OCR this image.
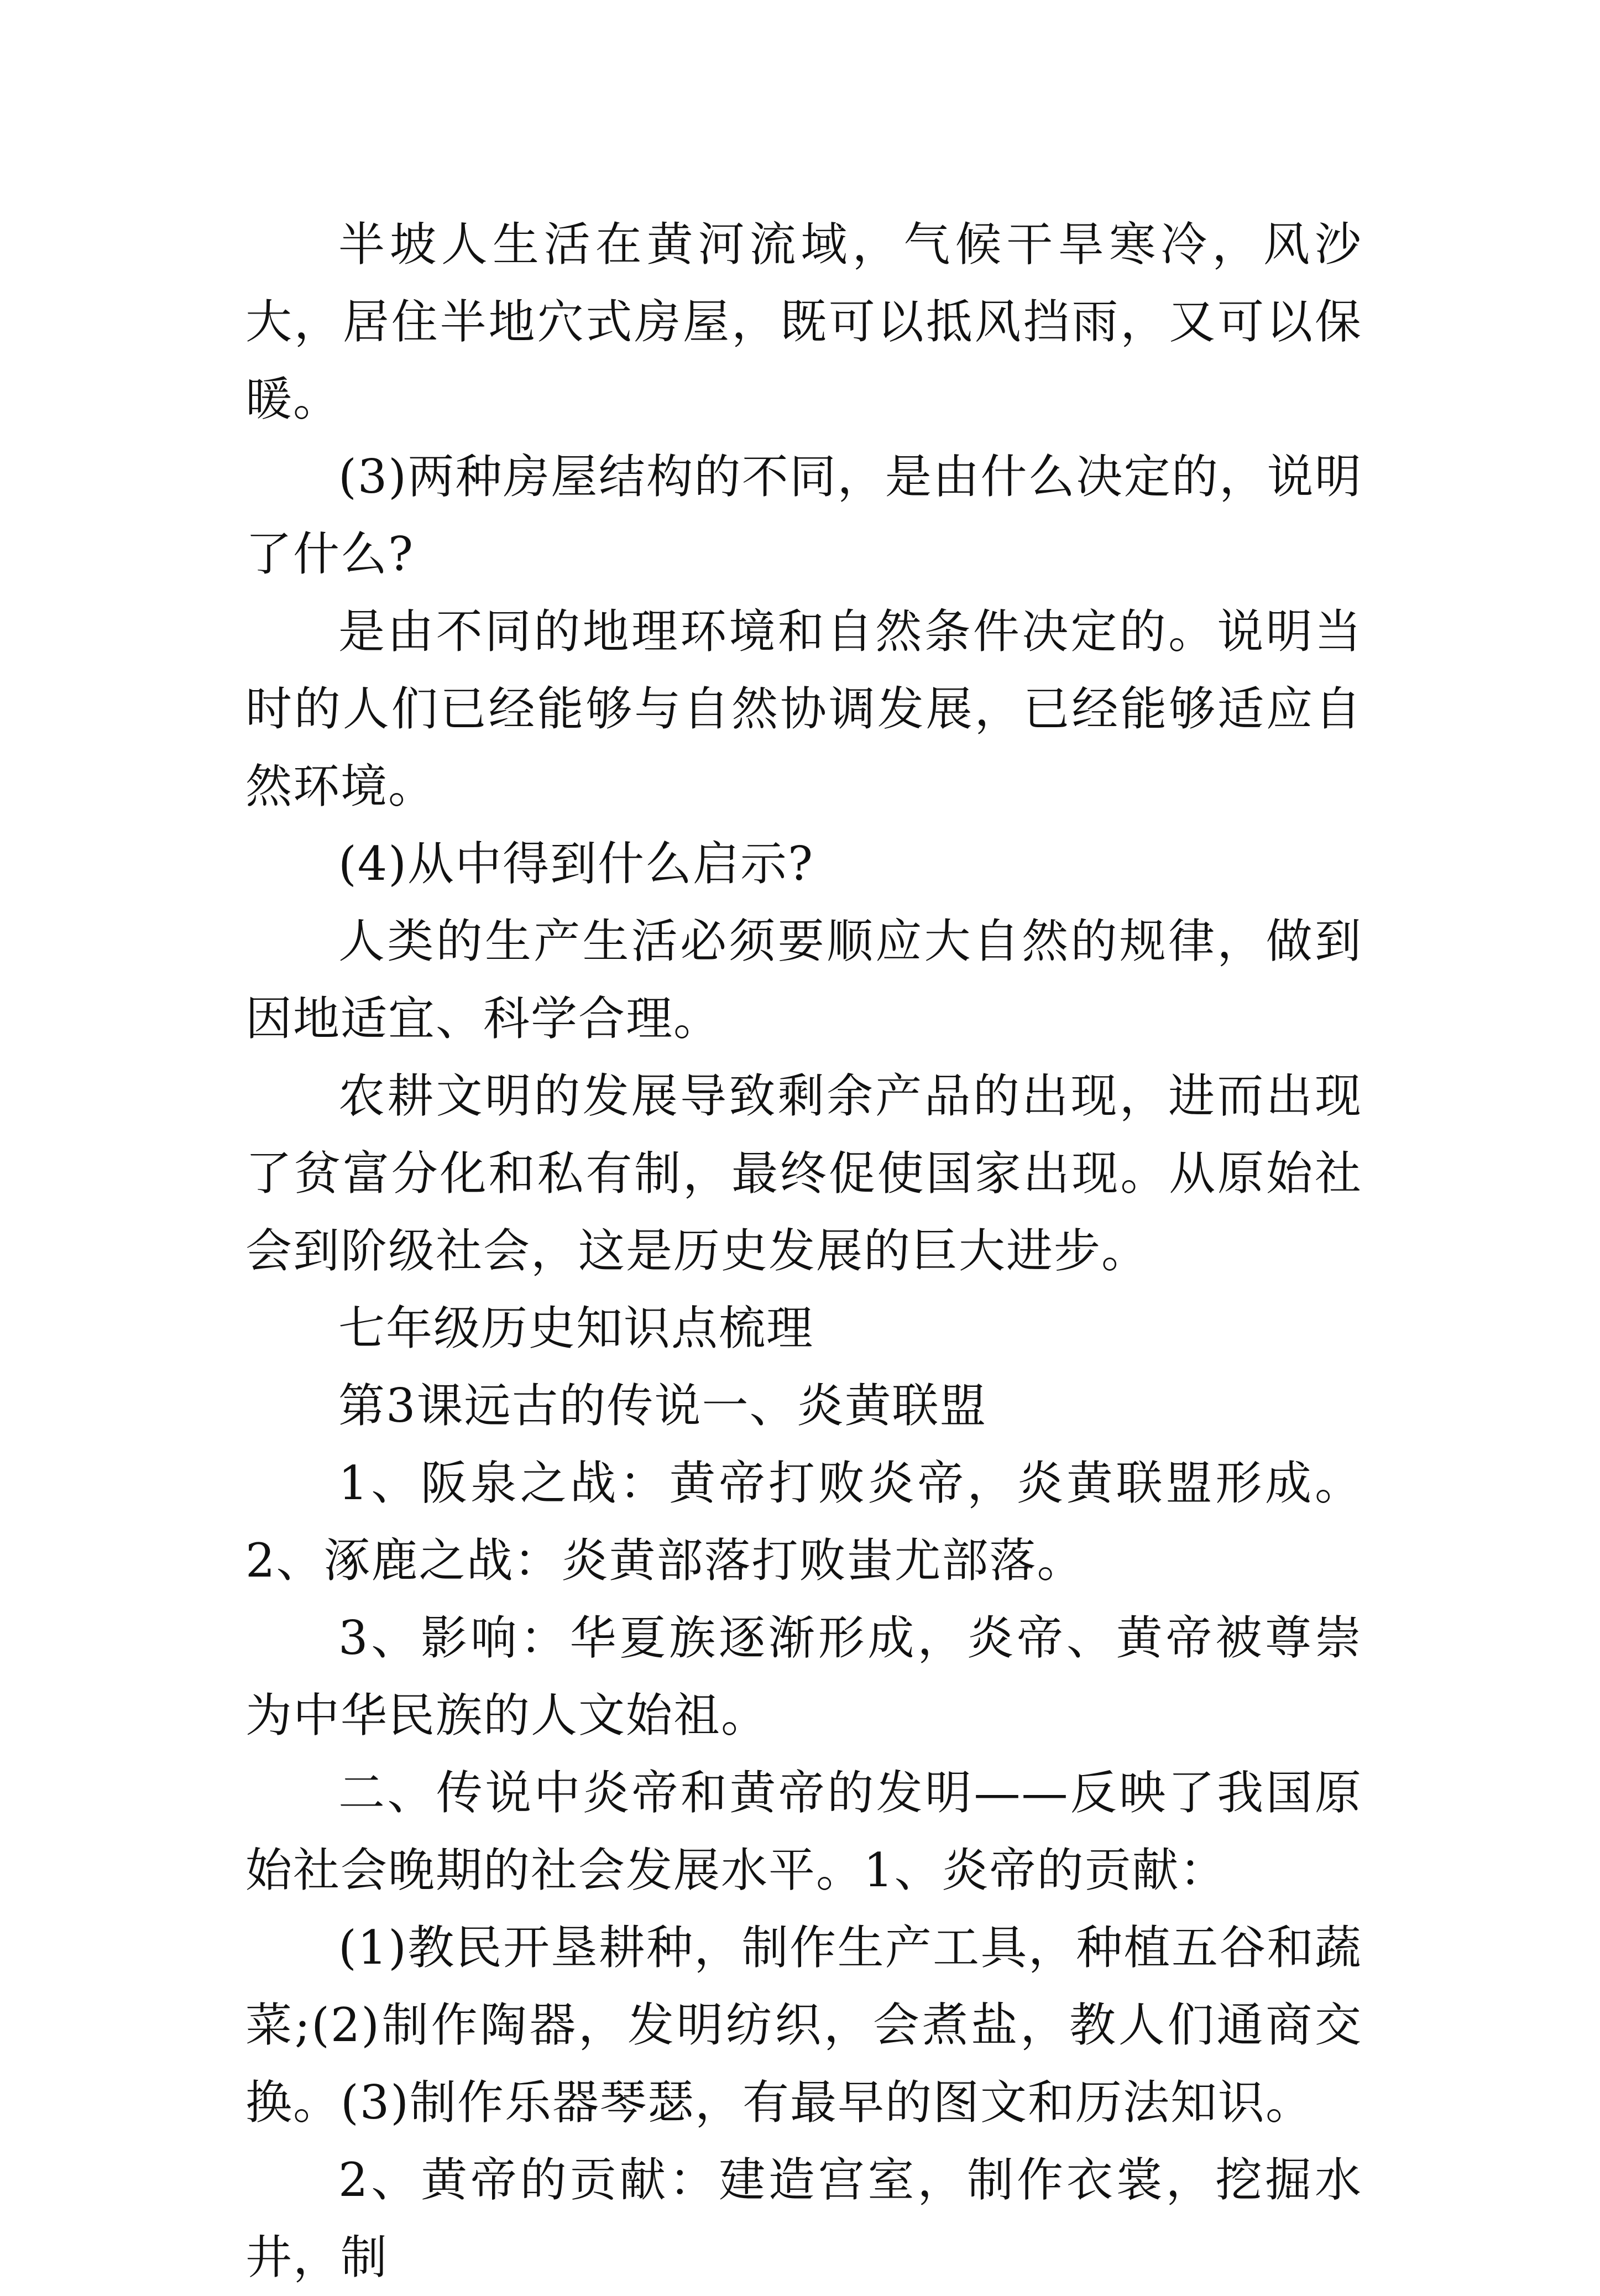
半坡人生活在黄河流域，气候干旱寒冷，风沙大，居住半地穴式房屋，既可以抵风挡雨，又可以保暖。

(3)两种房屋结构的不同，是由什么决定的，说明了什么?

是由不同的地理环境和自然条件决定的。说明当时的人们已经能够与自然协调发展，已经能够适应自然环境。

(4)从中得到什么启示?

人类的生产生活必须要顺应大自然的规律，做到因地适宜、科学合理。

农耕文明的发展导致剩余产品的出现，进而出现了贫富分化和私有制，最终促使国家出现。从原始社会到阶级社会，这是历史发展的巨大进步。

七年级历史知识点梳理

第3课远古的传说一、炎黄联盟

1、阪泉之战：黄帝打败炎帝，炎黄联盟形成。2、涿鹿之战：炎黄部落打败蚩尤部落。

3、影响：华夏族逐渐形成，炎帝、黄帝被尊崇为中华民族的人文始祖。

二、传说中炎帝和黄帝的发明——反映了我国原始社会晚期的社会发展水平。1、炎帝的贡献：

(1)教民开垦耕种，制作生产工具，种植五谷和蔬菜;(2)制作陶器，发明纺织，会煮盐，教人们通商交换。(3)制作乐器琴瑟，有最早的图文和历法知识。

2、黄帝的贡献：建造宫室，制作衣裳，挖掘水井，制
